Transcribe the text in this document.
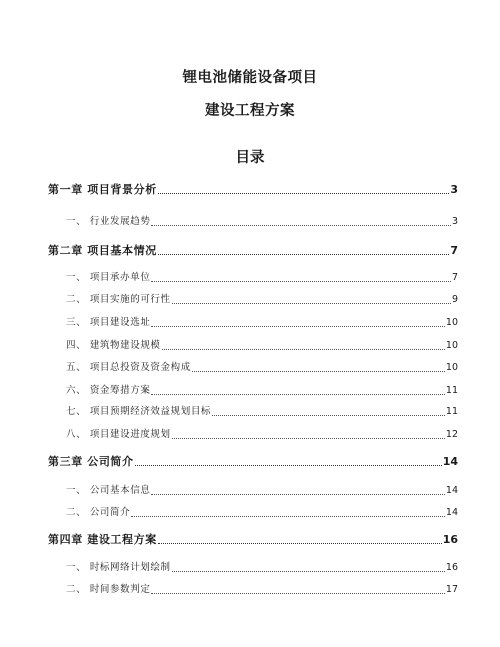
锂电池储能设备项目
建设工程方案
目录
第一章 项目背景分析	3
一、 行业发展趋势	3
第二章 项目基本情况	7
一、 项目承办单位	7
二、 项目实施的可行性	9
三、 项目建设选址	10
四、 建筑物建设规模	10
五、 项目总投资及资金构成	10
六、 资金筹措方案	11
七、 项目预期经济效益规划目标	11
八、 项目建设进度规划	12
第三章 公司简介	14
一、 公司基本信息	14
二、 公司简介	14
第四章 建设工程方案	16
一、 时标网络计划绘制	16
二、 时间参数判定	17
